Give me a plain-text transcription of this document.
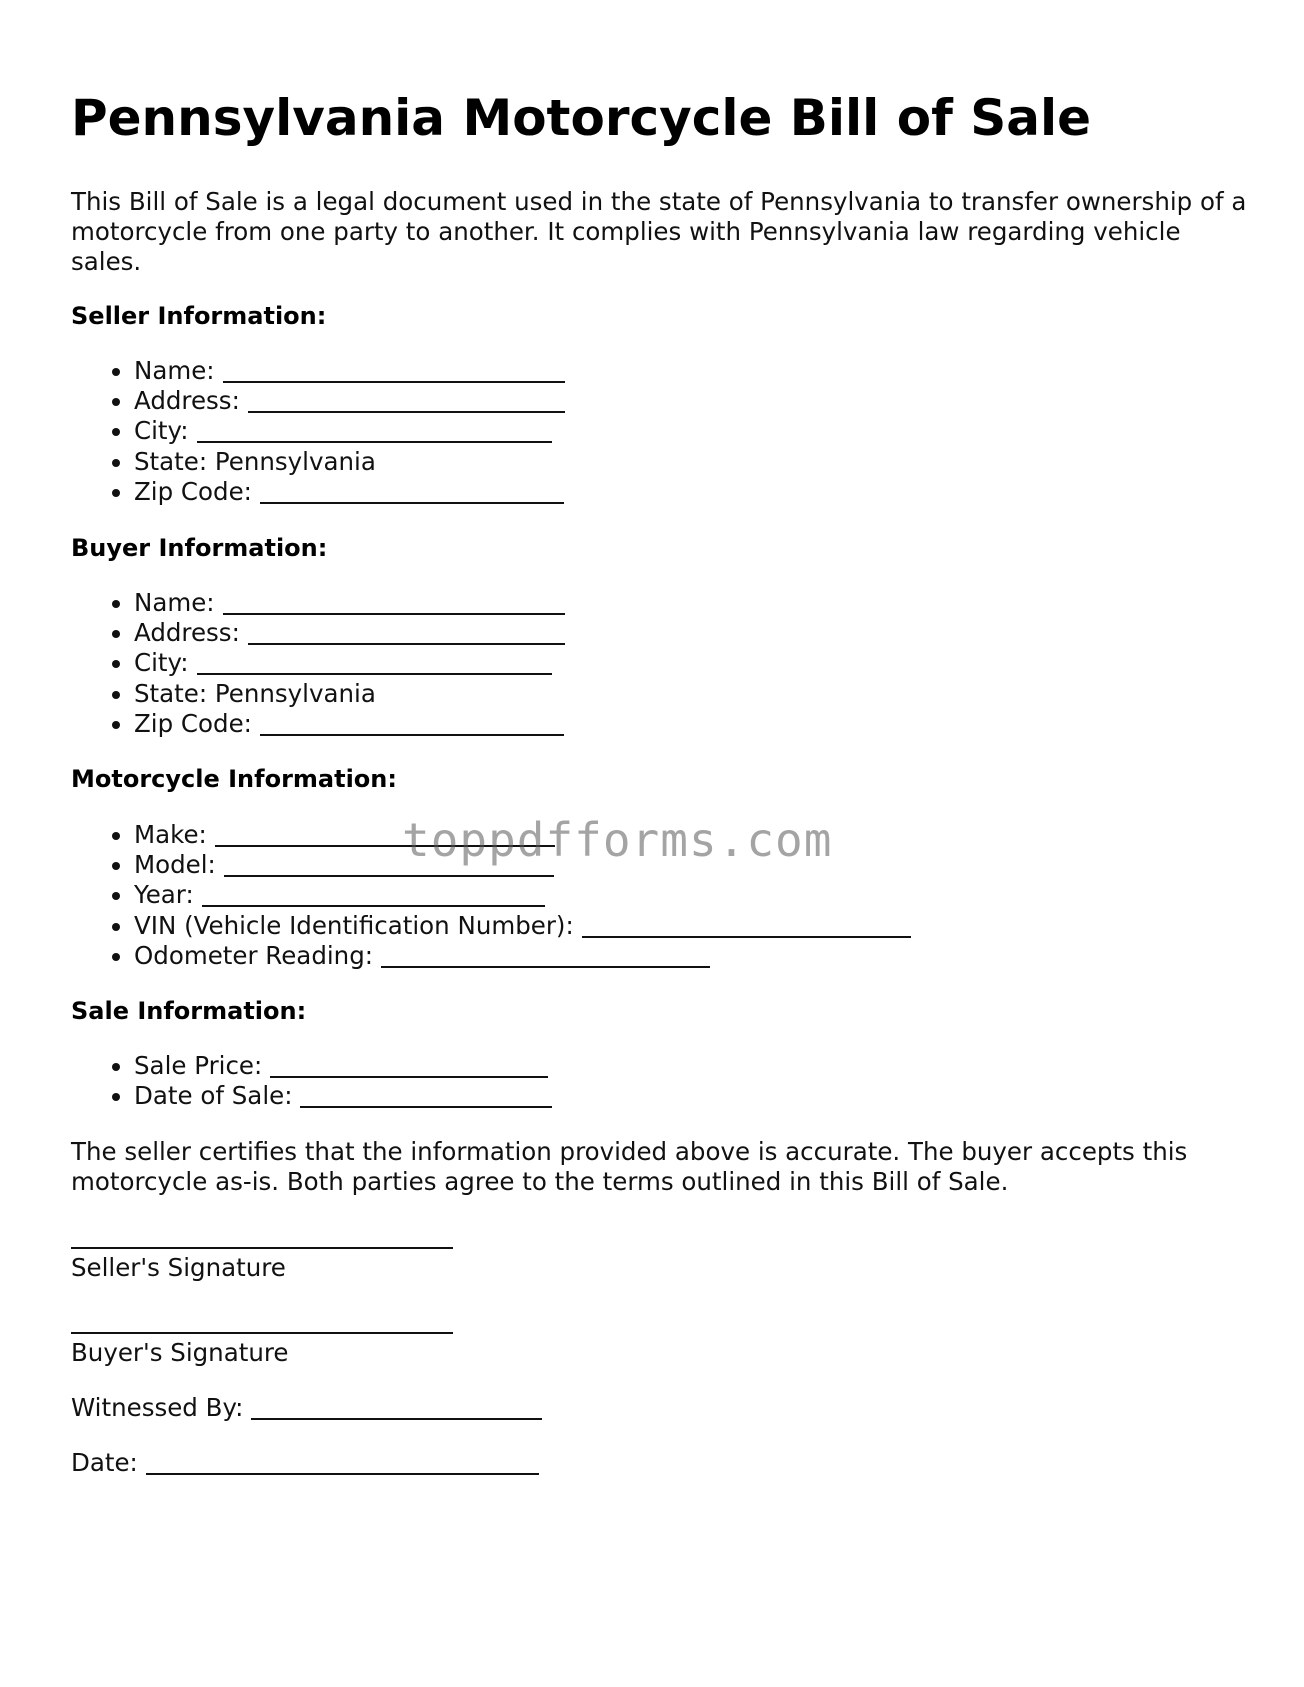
Pennsylvania Motorcycle Bill of Sale

This Bill of Sale is a legal document used in the state of Pennsylvania to transfer ownership of a motorcycle from one party to another. It complies with Pennsylvania law regarding vehicle sales.

Seller Information:
• Name:
• Address:
• City:
• State: Pennsylvania
• Zip Code:
Buyer Information:
• Name:
• Address:
• City:
• State: Pennsylvania
• Zip Code:
Motorcycle Information:
• Make:
• Model:
• Year:
• VIN (Vehicle Identification Number):
• Odometer Reading:
Sale Information:
• Sale Price:
• Date of Sale:

The seller certifies that the information provided above is accurate. The buyer accepts this motorcycle as-is. Both parties agree to the terms outlined in this Bill of Sale.

Seller's Signature
Buyer's Signature
Witnessed By:
Date:
toppdfforms.com
